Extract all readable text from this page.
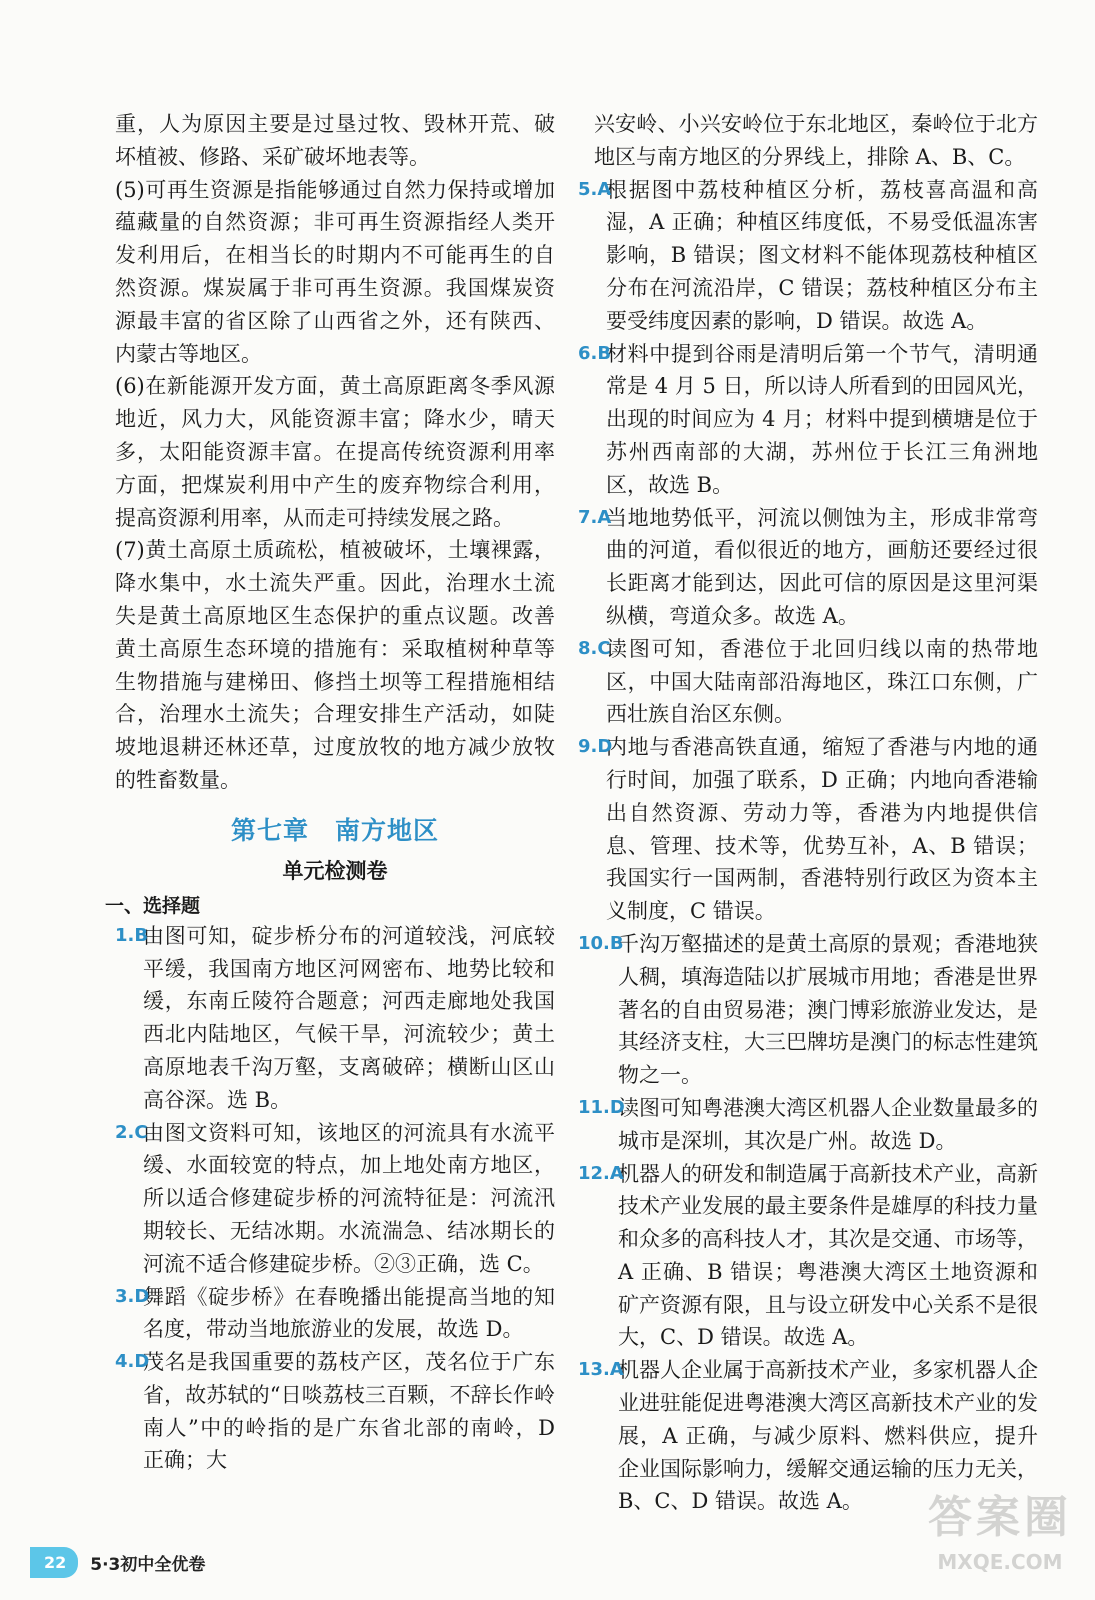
重，人为原因主要是过垦过牧、毁林开荒、破坏植被、修路、采矿破坏地表等。

(5)可再生资源是指能够通过自然力保持或增加蕴藏量的自然资源；非可再生资源指经人类开发利用后，在相当长的时期内不可能再生的自然资源。煤炭属于非可再生资源。我国煤炭资源最丰富的省区除了山西省之外，还有陕西、内蒙古等地区。

(6)在新能源开发方面，黄土高原距离冬季风源地近，风力大，风能资源丰富；降水少，晴天多，太阳能资源丰富。在提高传统资源利用率方面，把煤炭利用中产生的废弃物综合利用，提高资源利用率，从而走可持续发展之路。

(7)黄土高原土质疏松，植被破坏，土壤裸露，降水集中，水土流失严重。因此，治理水土流失是黄土高原地区生态保护的重点议题。改善黄土高原生态环境的措施有：采取植树种草等生物措施与建梯田、修挡土坝等工程措施相结合，治理水土流失；合理安排生产活动，如陡坡地退耕还林还草，过度放牧的地方减少放牧的牲畜数量。

第七章　南方地区
单元检测卷
一、选择题

1.B
由图可知，碇步桥分布的河道较浅，河底较平缓，我国南方地区河网密布、地势比较和缓，东南丘陵符合题意；河西走廊地处我国西北内陆地区，气候干旱，河流较少；黄土高原地表千沟万壑，支离破碎；横断山区山高谷深。选 B。

2.C
由图文资料可知，该地区的河流具有水流平缓、水面较宽的特点，加上地处南方地区，所以适合修建碇步桥的河流特征是：河流汛期较长、无结冰期。水流湍急、结冰期长的河流不适合修建碇步桥。②③正确，选 C。

3.D
舞蹈《碇步桥》在春晚播出能提高当地的知名度，带动当地旅游业的发展，故选 D。

4.D
茂名是我国重要的荔枝产区，茂名位于广东省，故苏轼的“日啖荔枝三百颗，不辞长作岭南人”中的岭指的是广东省北部的南岭，D 正确；大

兴安岭、小兴安岭位于东北地区，秦岭位于北方地区与南方地区的分界线上，排除 A、B、C。

5.A
根据图中荔枝种植区分析，荔枝喜高温和高湿，A 正确；种植区纬度低，不易受低温冻害影响，B 错误；图文材料不能体现荔枝种植区分布在河流沿岸，C 错误；荔枝种植区分布主要受纬度因素的影响，D 错误。故选 A。

6.B
材料中提到谷雨是清明后第一个节气，清明通常是 4 月 5 日，所以诗人所看到的田园风光，出现的时间应为 4 月；材料中提到横塘是位于苏州西南部的大湖，苏州位于长江三角洲地区，故选 B。

7.A
当地地势低平，河流以侧蚀为主，形成非常弯曲的河道，看似很近的地方，画舫还要经过很长距离才能到达，因此可信的原因是这里河渠纵横，弯道众多。故选 A。

8.C
读图可知，香港位于北回归线以南的热带地区，中国大陆南部沿海地区，珠江口东侧，广西壮族自治区东侧。

9.D
内地与香港高铁直通，缩短了香港与内地的通行时间，加强了联系，D 正确；内地向香港输出自然资源、劳动力等，香港为内地提供信息、管理、技术等，优势互补，A、B 错误；我国实行一国两制，香港特别行政区为资本主义制度，C 错误。

10.B
千沟万壑描述的是黄土高原的景观；香港地狭人稠，填海造陆以扩展城市用地；香港是世界著名的自由贸易港；澳门博彩旅游业发达，是其经济支柱，大三巴牌坊是澳门的标志性建筑物之一。

11.D
读图可知粤港澳大湾区机器人企业数量最多的城市是深圳，其次是广州。故选 D。

12.A
机器人的研发和制造属于高新技术产业，高新技术产业发展的最主要条件是雄厚的科技力量和众多的高科技人才，其次是交通、市场等，A 正确、B 错误；粤港澳大湾区土地资源和矿产资源有限，且与设立研发中心关系不是很大，C、D 错误。故选 A。

13.A
机器人企业属于高新技术产业，多家机器人企业进驻能促进粤港澳大湾区高新技术产业的发展，A 正确，与减少原料、燃料供应，提升企业国际影响力，缓解交通运输的压力无关，B、C、D 错误。故选 A。

22	5·3初中全优卷
答案圈
MXQE.COM
